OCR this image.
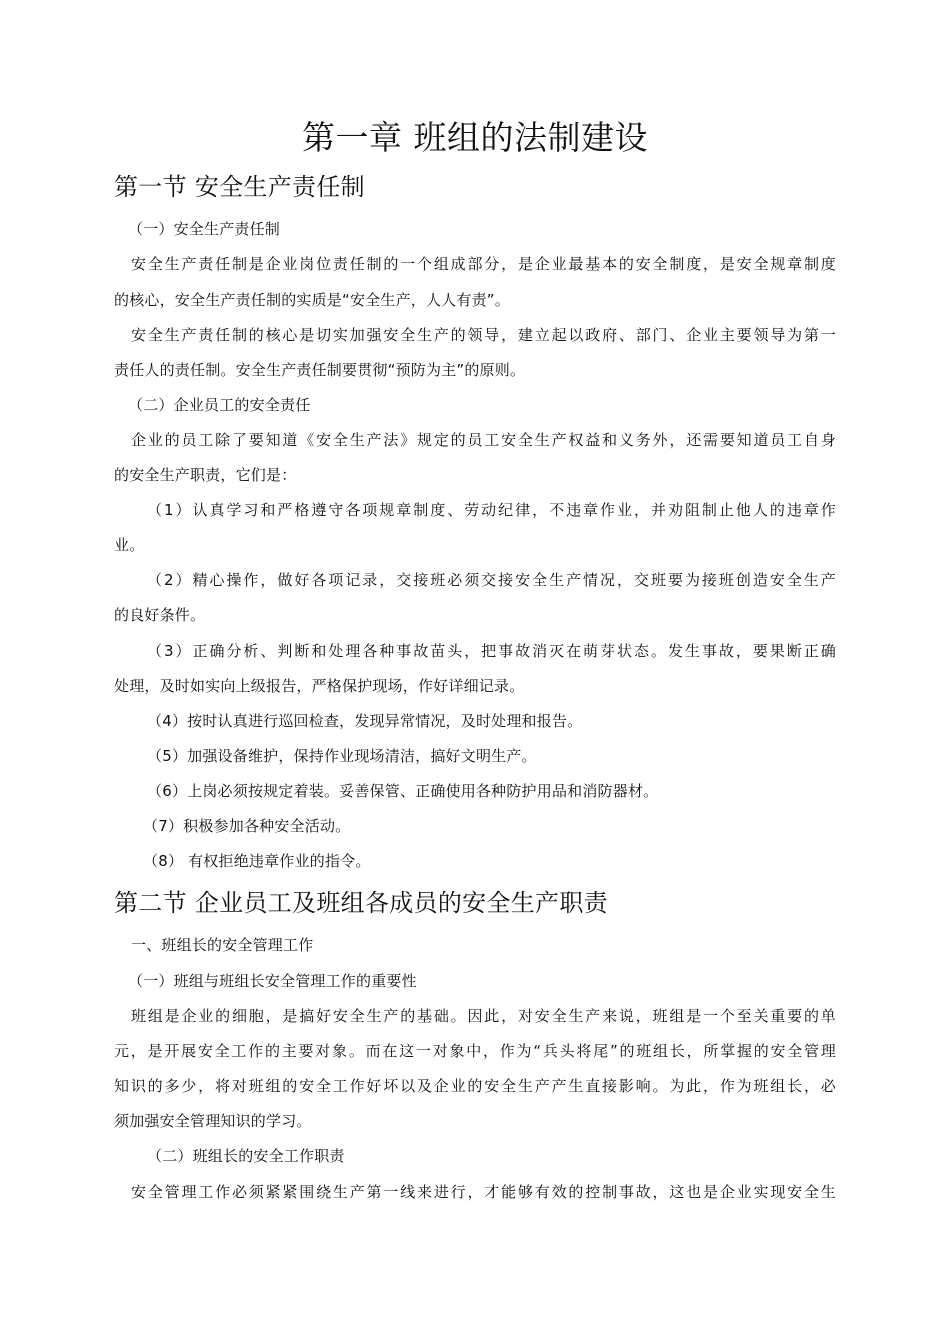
第一章 班组的法制建设
第一节 安全生产责任制
（一）安全生产责任制
安全生产责任制是企业岗位责任制的一个组成部分，是企业最基本的安全制度，是安全规章制度
的核心，安全生产责任制的实质是“安全生产，人人有责”。
安全生产责任制的核心是切实加强安全生产的领导，建立起以政府、部门、企业主要领导为第一
责任人的责任制。安全生产责任制要贯彻“预防为主”的原则。
（二）企业员工的安全责任
企业的员工除了要知道《安全生产法》规定的员工安全生产权益和义务外，还需要知道员工自身
的安全生产职责，它们是：
（1）认真学习和严格遵守各项规章制度、劳动纪律，不违章作业，并劝阻制止他人的违章作
业。
（2）精心操作，做好各项记录，交接班必须交接安全生产情况，交班要为接班创造安全生产
的良好条件。
（3）正确分析、判断和处理各种事故苗头，把事故消灭在萌芽状态。发生事故，要果断正确
处理，及时如实向上级报告，严格保护现场，作好详细记录。
（4）按时认真进行巡回检查，发现异常情况，及时处理和报告。
（5）加强设备维护，保持作业现场清洁，搞好文明生产。
（6）上岗必须按规定着装。妥善保管、正确使用各种防护用品和消防器材。
（7）积极参加各种安全活动。
（8） 有权拒绝违章作业的指令。
第二节 企业员工及班组各成员的安全生产职责
一、班组长的安全管理工作
（一）班组与班组长安全管理工作的重要性
班组是企业的细胞，是搞好安全生产的基础。因此，对安全生产来说，班组是一个至关重要的单
元，是开展安全工作的主要对象。而在这一对象中，作为“兵头将尾”的班组长，所掌握的安全管理
知识的多少，将对班组的安全工作好坏以及企业的安全生产产生直接影响。为此，作为班组长，必
须加强安全管理知识的学习。
（二）班组长的安全工作职责
安全管理工作必须紧紧围绕生产第一线来进行，才能够有效的控制事故，这也是企业实现安全生
